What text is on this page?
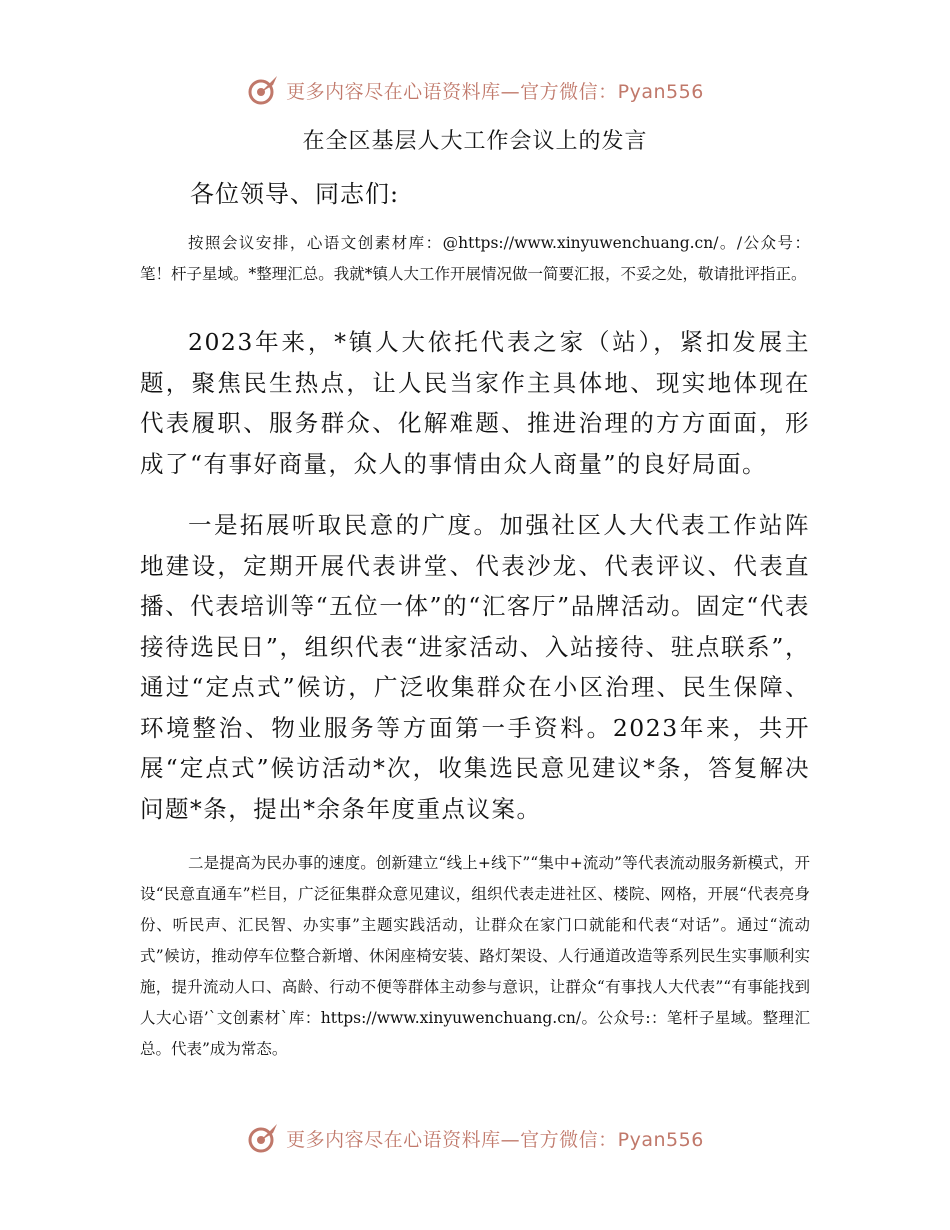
更多内容尽在心语资料库—官方微信：Pyan556
在全区基层人大工作会议上的发言
各位领导、同志们:

按照会议安排，心语文创素材库：@https://www.xinyuwenchuang.cn/。/公众号：笔！杆子星域。*整理汇总。我就*镇人大工作开展情况做一简要汇报，不妥之处，敬请批评指正。

2023年来，*镇人大依托代表之家（站），紧扣发展主题，聚焦民生热点，让人民当家作主具体地、现实地体现在代表履职、服务群众、化解难题、推进治理的方方面面，形成了“有事好商量，众人的事情由众人商量”的良好局面。

一是拓展听取民意的广度。加强社区人大代表工作站阵地建设，定期开展代表讲堂、代表沙龙、代表评议、代表直播、代表培训等“五位一体”的“汇客厅”品牌活动。固定“代表接待选民日”，组织代表“进家活动、入站接待、驻点联系”，通过“定点式”候访，广泛收集群众在小区治理、民生保障、环境整治、物业服务等方面第一手资料。2023年来，共开展“定点式”候访活动*次，收集选民意见建议*条，答复解决问题*条，提出*余条年度重点议案。

二是提高为民办事的速度。创新建立“线上+线下”“集中+流动”等代表流动服务新模式，开设“民意直通车”栏目，广泛征集群众意见建议，组织代表走进社区、楼院、网格，开展“代表亮身份、听民声、汇民智、办实事”主题实践活动，让群众在家门口就能和代表“对话”。通过“流动式”候访，推动停车位整合新增、休闲座椅安装、路灯架设、人行通道改造等系列民生实事顺利实施，提升流动人口、高龄、行动不便等群体主动参与意识，让群众“有事找人大代表”“有事能找到人大心语’`文创素材`库：https://www.xinyuwenchuang.cn/。公众号:：笔杆子星域。整理汇总。代表”成为常态。

更多内容尽在心语资料库—官方微信：Pyan556
